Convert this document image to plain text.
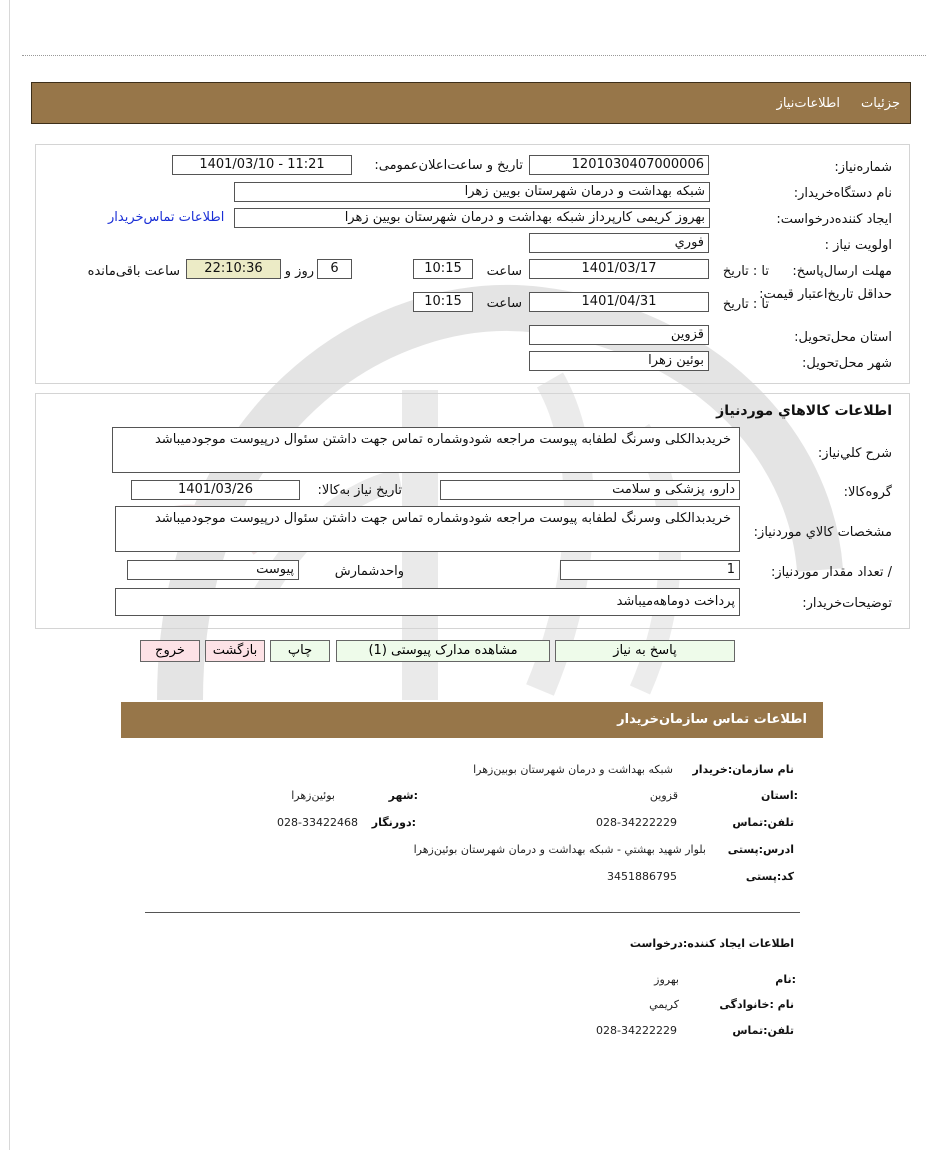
جزئیات
اطلاعات‌نیاز
شماره‌نیاز:
1201030407000006
تاریخ و ساعت‌اعلان‌عمومی:
1401/03/10 - 11:21
نام دستگاه‌خریدار:
شبکه بهداشت و درمان شهرستان بویین زهرا
ایجاد کننده‌درخواست:
بهروز کریمی کارپرداز شبکه بهداشت و درمان شهرستان بویین زهرا
اطلاعات تماس‌خریدار
اولویت‌ نیاز :
فوري
مهلت ارسال‌پاسخ:
تا : تاریخ
1401/03/17
ساعت
10:15
6
روز و
22:10:36
ساعت باقی‌مانده
حداقل تاریخ‌اعتبار قیمت:
تا : تاریخ
1401/04/31
ساعت
10:15
استان محل‌تحویل:
قزوين
شهر محل‌تحویل:
بوئين زهرا
اطلاعات کالاهاي موردنياز
شرح کلي‌نياز:
خريدبدالکلی وسرنگ لطفابه پیوست مراجعه شودوشماره تماس جهت داشتن سئوال درپیوست موجودمیباشد
گروه‌کالا:
دارو، پزشکی و سلامت
تاریخ نیاز به‌کالا:
1401/03/26
مشخصات کالاي مورد‌نياز:
خريدبدالکلی وسرنگ لطفابه پیوست مراجعه شودوشماره تماس جهت داشتن سئوال درپیوست موجودمیباشد
/ تعداد مقدار مورد‌نياز:
1
واحد‌شمارش
پیوست
توضیحات‌خریدار:
پرداخت دوماهه‌میباشد
پاسخ به نیاز
مشاهده مدارک پیوستی (1)
چاپ
بازگشت
خروج
اطلاعات تماس سازمان‌خریدار
نام سازمان‌:خريدار
شبکه بهداشت و درمان شهرستان بوبين‌زهرا
:استان
قزوين
:شهر
بوئين‌زهرا
تلفن‌:تماس
028-34222229
:دورنگار
028-33422468
ادرس‌:پستی
بلوار شهيد بهشتي - شبکه بهداشت و درمان شهرستان بوئين‌زهرا
کد:پستی
3451886795
اطلاعات ایجاد کننده‌:درخواست
:نام
بهروز
نام :خانوادگی
کريمي
تلفن‌:تماس
028-34222229
